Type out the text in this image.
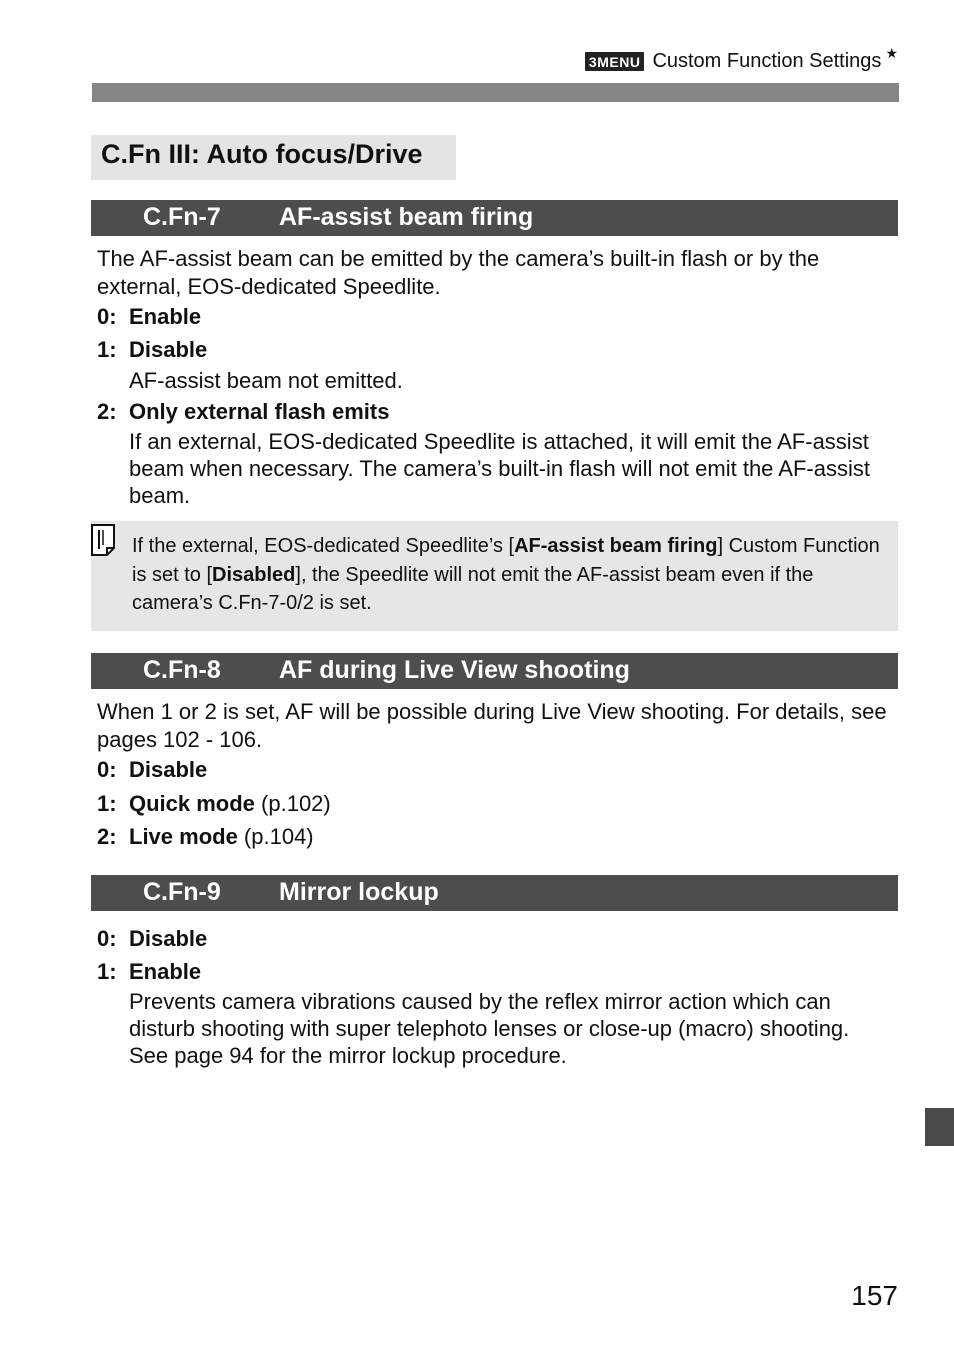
3MENU Custom Function Settings ★
C.Fn III: Auto focus/Drive
C.Fn-7 AF-assist beam firing
The AF-assist beam can be emitted by the camera’s built-in flash or by the external, EOS-dedicated Speedlite.
0: Enable
1: Disable
AF-assist beam not emitted.
2: Only external flash emits
If an external, EOS-dedicated Speedlite is attached, it will emit the AF-assist beam when necessary. The camera’s built-in flash will not emit the AF-assist beam.
If the external, EOS-dedicated Speedlite’s [AF-assist beam firing] Custom Function is set to [Disabled], the Speedlite will not emit the AF-assist beam even if the camera’s C.Fn-7-0/2 is set.
C.Fn-8 AF during Live View shooting
When 1 or 2 is set, AF will be possible during Live View shooting. For details, see pages 102 - 106.
0: Disable
1: Quick mode (p.102)
2: Live mode (p.104)
C.Fn-9 Mirror lockup
0: Disable
1: Enable
Prevents camera vibrations caused by the reflex mirror action which can disturb shooting with super telephoto lenses or close-up (macro) shooting. See page 94 for the mirror lockup procedure.
157
